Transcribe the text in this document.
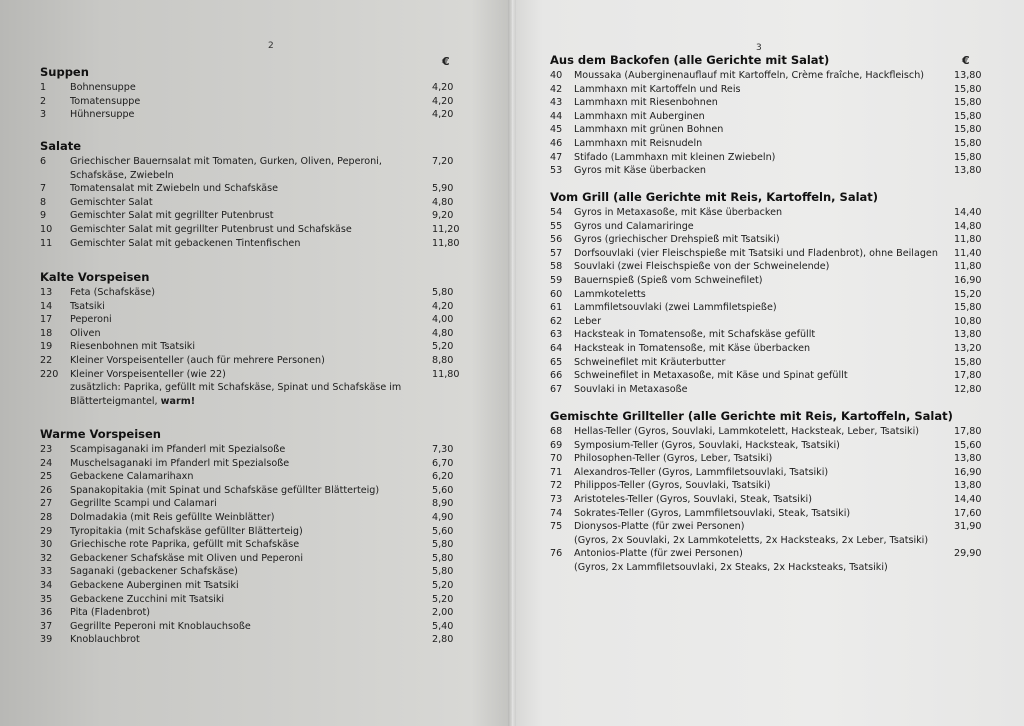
2
€
Suppen
1 Bohnensuppe	4,20
2 Tomatensuppe	4,20
3 Hühnersuppe	4,20
Salate
6 Griechischer Bauernsalat mit Tomaten, Gurken, Oliven, Peperoni,	7,20
Schafskäse, Zwiebeln
7 Tomatensalat mit Zwiebeln und Schafskäse	5,90
8 Gemischter Salat	4,80
9 Gemischter Salat mit gegrillter Putenbrust	9,20
10 Gemischter Salat mit gegrillter Putenbrust und Schafskäse	11,20
11 Gemischter Salat mit gebackenen Tintenfischen	11,80
Kalte Vorspeisen
13 Feta (Schafskäse)	5,80
14 Tsatsiki	4,20
17 Peperoni	4,00
18 Oliven	4,80
19 Riesenbohnen mit Tsatsiki	5,20
22 Kleiner Vorspeisenteller (auch für mehrere Personen)	8,80
220 Kleiner Vorspeisenteller (wie 22)	11,80
zusätzlich: Paprika, gefüllt mit Schafskäse, Spinat und Schafskäse im
Blätterteigmantel, warm!
Warme Vorspeisen
23 Scampisaganaki im Pfanderl mit Spezialsoße	7,30
24 Muschelsaganaki im Pfanderl mit Spezialsoße	6,70
25 Gebackene Calamarihaxn	6,20
26 Spanakopitakia (mit Spinat und Schafskäse gefüllter Blätterteig)	5,60
27 Gegrillte Scampi und Calamari	8,90
28 Dolmadakia (mit Reis gefüllte Weinblätter)	4,90
29 Tyropitakia (mit Schafskäse gefüllter Blätterteig)	5,60
30 Griechische rote Paprika, gefüllt mit Schafskäse	5,80
32 Gebackener Schafskäse mit Oliven und Peperoni	5,80
33 Saganaki (gebackener Schafskäse)	5,80
34 Gebackene Auberginen mit Tsatsiki	5,20
35 Gebackene Zucchini mit Tsatsiki	5,20
36 Pita (Fladenbrot)	2,00
37 Gegrillte Peperoni mit Knoblauchsoße	5,40
39 Knoblauchbrot	2,80
3
€
Aus dem Backofen (alle Gerichte mit Salat)
40 Moussaka (Auberginenauflauf mit Kartoffeln, Crème fraîche, Hackfleisch)	13,80
42 Lammhaxn mit Kartoffeln und Reis	15,80
43 Lammhaxn mit Riesenbohnen	15,80
44 Lammhaxn mit Auberginen	15,80
45 Lammhaxn mit grünen Bohnen	15,80
46 Lammhaxn mit Reisnudeln	15,80
47 Stifado (Lammhaxn mit kleinen Zwiebeln)	15,80
53 Gyros mit Käse überbacken	13,80
Vom Grill (alle Gerichte mit Reis, Kartoffeln, Salat)
54 Gyros in Metaxasoße, mit Käse überbacken	14,40
55 Gyros und Calamariringe	14,80
56 Gyros (griechischer Drehspieß mit Tsatsiki)	11,80
57 Dorfsouvlaki (vier Fleischspieße mit Tsatsiki und Fladenbrot), ohne Beilagen 11,40
58 Souvlaki (zwei Fleischspieße von der Schweinelende)	11,80
59 Bauernspieß (Spieß vom Schweinefilet)	16,90
60 Lammkoteletts	15,20
61 Lammfiletsouvlaki (zwei Lammfiletspieße)	15,80
62 Leber	10,80
63 Hacksteak in Tomatensoße, mit Schafskäse gefüllt	13,80
64 Hacksteak in Tomatensoße, mit Käse überbacken	13,20
65 Schweinefilet mit Kräuterbutter	15,80
66 Schweinefilet in Metaxasoße, mit Käse und Spinat gefüllt	17,80
67 Souvlaki in Metaxasoße	12,80
Gemischte Grillteller (alle Gerichte mit Reis, Kartoffeln, Salat)
68 Hellas-Teller (Gyros, Souvlaki, Lammkotelett, Hacksteak, Leber, Tsatsiki)	17,80
69 Symposium-Teller (Gyros, Souvlaki, Hacksteak, Tsatsiki)	15,60
70 Philosophen-Teller (Gyros, Leber, Tsatsiki)	13,80
71 Alexandros-Teller (Gyros, Lammfiletsouvlaki, Tsatsiki)	16,90
72 Philippos-Teller (Gyros, Souvlaki, Tsatsiki)	13,80
73 Aristoteles-Teller (Gyros, Souvlaki, Steak, Tsatsiki)	14,40
74 Sokrates-Teller (Gyros, Lammfiletsouvlaki, Steak, Tsatsiki)	17,60
75 Dionysos-Platte (für zwei Personen)	31,90
(Gyros, 2x Souvlaki, 2x Lammkoteletts, 2x Hacksteaks, 2x Leber, Tsatsiki)
76 Antonios-Platte (für zwei Personen)	29,90
(Gyros, 2x Lammfiletsouvlaki, 2x Steaks, 2x Hacksteaks, Tsatsiki)
